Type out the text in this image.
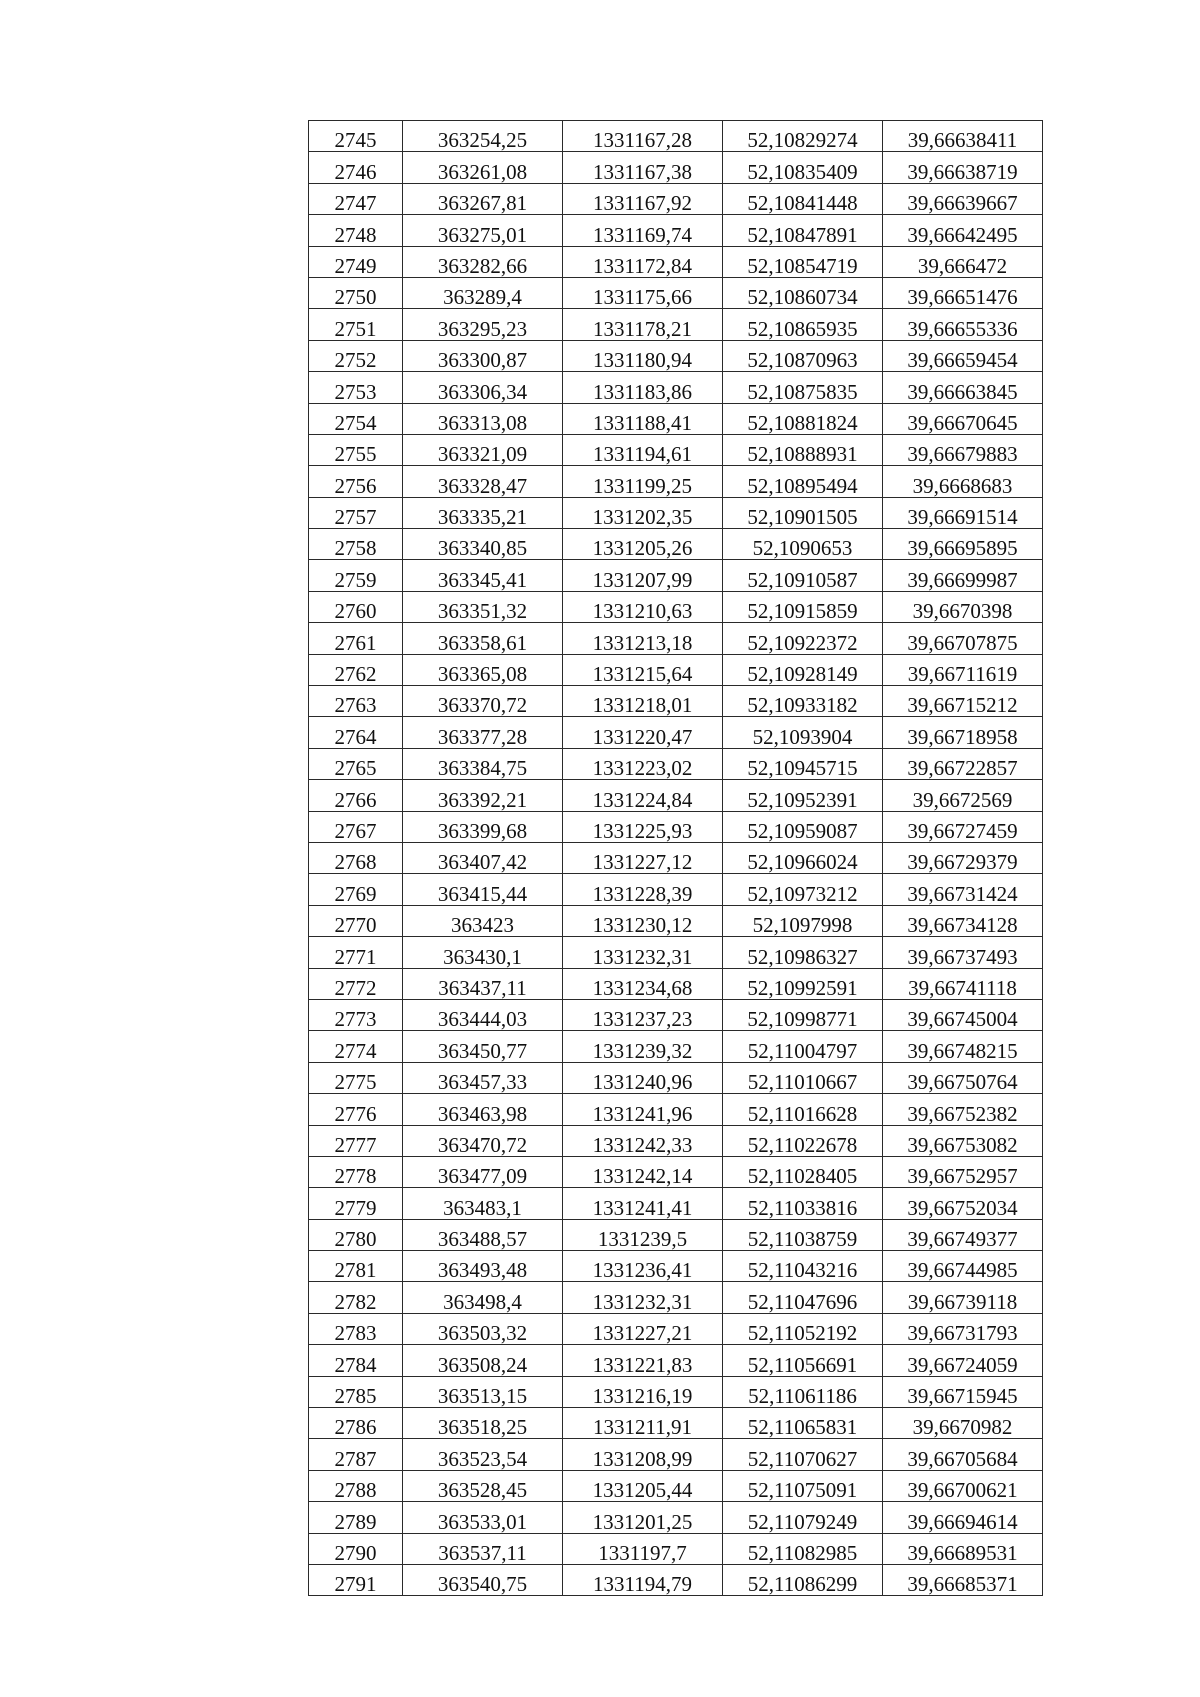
2745	363254,25	1331167,28	52,10829274	39,66638411
2746	363261,08	1331167,38	52,10835409	39,66638719
2747	363267,81	1331167,92	52,10841448	39,66639667
2748	363275,01	1331169,74	52,10847891	39,66642495
2749	363282,66	1331172,84	52,10854719	39,666472
2750	363289,4	1331175,66	52,10860734	39,66651476
2751	363295,23	1331178,21	52,10865935	39,66655336
2752	363300,87	1331180,94	52,10870963	39,66659454
2753	363306,34	1331183,86	52,10875835	39,66663845
2754	363313,08	1331188,41	52,10881824	39,66670645
2755	363321,09	1331194,61	52,10888931	39,66679883
2756	363328,47	1331199,25	52,10895494	39,6668683
2757	363335,21	1331202,35	52,10901505	39,66691514
2758	363340,85	1331205,26	52,1090653	39,66695895
2759	363345,41	1331207,99	52,10910587	39,66699987
2760	363351,32	1331210,63	52,10915859	39,6670398
2761	363358,61	1331213,18	52,10922372	39,66707875
2762	363365,08	1331215,64	52,10928149	39,66711619
2763	363370,72	1331218,01	52,10933182	39,66715212
2764	363377,28	1331220,47	52,1093904	39,66718958
2765	363384,75	1331223,02	52,10945715	39,66722857
2766	363392,21	1331224,84	52,10952391	39,6672569
2767	363399,68	1331225,93	52,10959087	39,66727459
2768	363407,42	1331227,12	52,10966024	39,66729379
2769	363415,44	1331228,39	52,10973212	39,66731424
2770	363423	1331230,12	52,1097998	39,66734128
2771	363430,1	1331232,31	52,10986327	39,66737493
2772	363437,11	1331234,68	52,10992591	39,66741118
2773	363444,03	1331237,23	52,10998771	39,66745004
2774	363450,77	1331239,32	52,11004797	39,66748215
2775	363457,33	1331240,96	52,11010667	39,66750764
2776	363463,98	1331241,96	52,11016628	39,66752382
2777	363470,72	1331242,33	52,11022678	39,66753082
2778	363477,09	1331242,14	52,11028405	39,66752957
2779	363483,1	1331241,41	52,11033816	39,66752034
2780	363488,57	1331239,5	52,11038759	39,66749377
2781	363493,48	1331236,41	52,11043216	39,66744985
2782	363498,4	1331232,31	52,11047696	39,66739118
2783	363503,32	1331227,21	52,11052192	39,66731793
2784	363508,24	1331221,83	52,11056691	39,66724059
2785	363513,15	1331216,19	52,11061186	39,66715945
2786	363518,25	1331211,91	52,11065831	39,6670982
2787	363523,54	1331208,99	52,11070627	39,66705684
2788	363528,45	1331205,44	52,11075091	39,66700621
2789	363533,01	1331201,25	52,11079249	39,66694614
2790	363537,11	1331197,7	52,11082985	39,66689531
2791	363540,75	1331194,79	52,11086299	39,66685371
